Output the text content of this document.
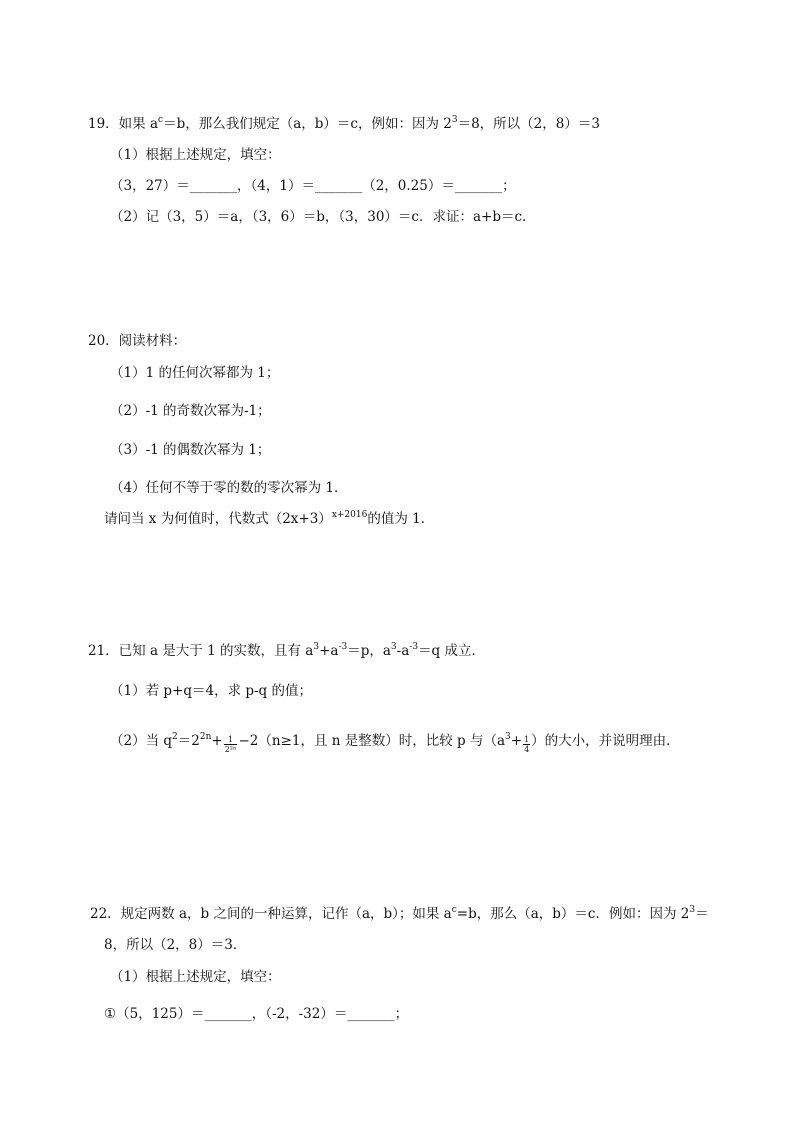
19．如果 $a^c=b$，那么我们规定（a，b）＝c，例如：因为 $2^3=8$，所以（2，8）＝3
（1）根据上述规定，填空：
（3，27）＝_______，（4，1）＝_______（2，0.25）＝_______；
（2）记（3，5）＝a，（3，6）＝b，（3，30）＝c．求证：a+b＝c．
20．阅读材料：
（1）1 的任何次幂都为 1；
（2）-1 的奇数次幂为-1；
（3）-1 的偶数次幂为 1；
（4）任何不等于零的数的零次幂为 1．
请问当 x 为何值时，代数式$(2x+3)^{x+2016}$的值为 1．
21．已知 a 是大于 1 的实数，且有 $a^3+a^{-3}=p$，$a^3-a^{-3}=q$ 成立．
（1）若 p+q＝4，求 p-q 的值；
（2）当 $q^2=2^{2n}+ \frac{1}{\text{2²ⁿ}} -2(n\ge 1$，且 n 是整数）时，比较 p 与（$a^3+ \frac{1}{4}$ ）的大小，并说明理由．
22．规定两数 a，b 之间的一种运算，记作（a，b）；如果 $a^c=b$，那么（a，b）＝c．例如：因为 $2^3=$
8，所以（2，8）＝3．
（1）根据上述规定，填空：
①（5，125）＝_______，（-2，-32）＝_______；
